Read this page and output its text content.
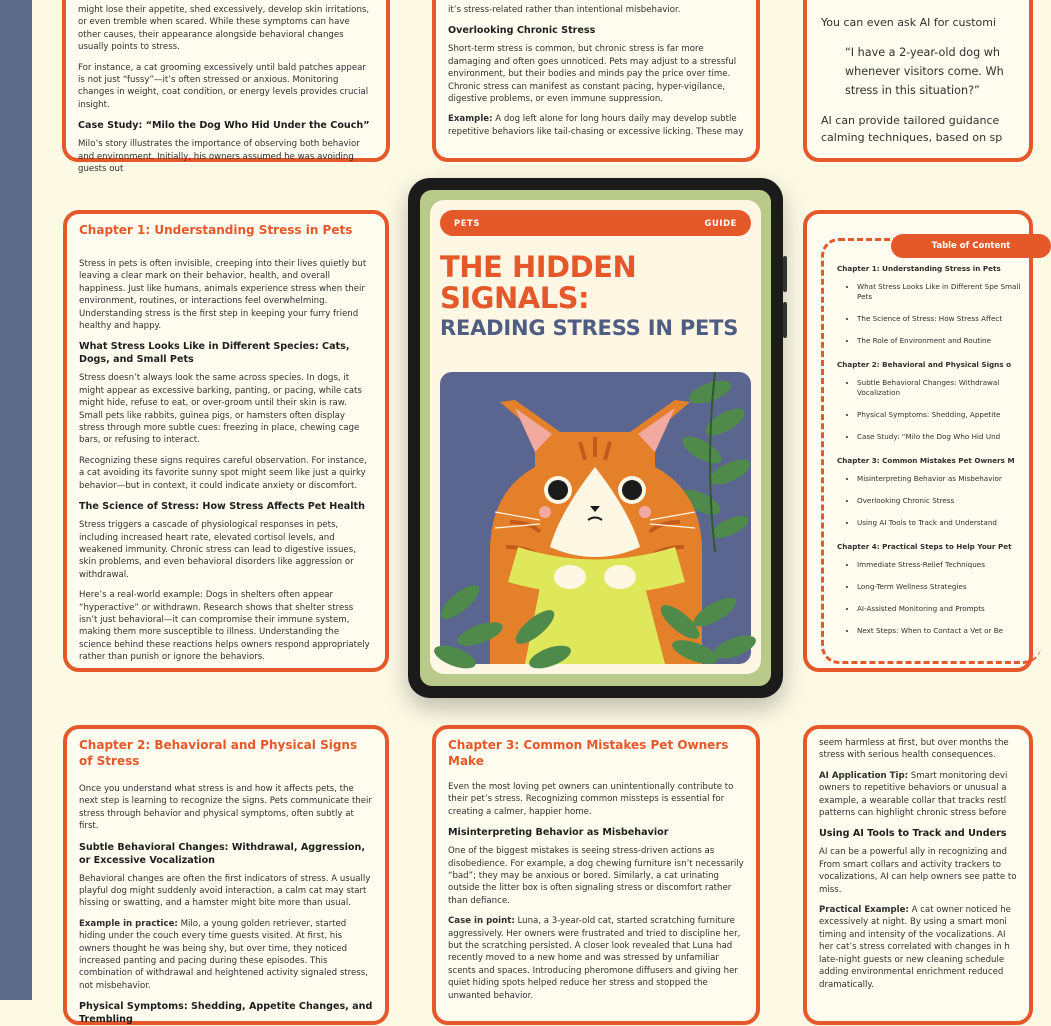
might lose their appetite, shed excessively, develop skin irritations, or even tremble when scared. While these symptoms can have other causes, their appearance alongside behavioral changes usually points to stress.

For instance, a cat grooming excessively until bald patches appear is not just “fussy”—it’s often stressed or anxious. Monitoring changes in weight, coat condition, or energy levels provides crucial insight.

Case Study: “Milo the Dog Who Hid Under the Couch”

Milo’s story illustrates the importance of observing both behavior and environment. Initially, his owners assumed he was avoiding guests out

it’s stress-related rather than intentional misbehavior.

Overlooking Chronic Stress

Short-term stress is common, but chronic stress is far more damaging and often goes unnoticed. Pets may adjust to a stressful environment, but their bodies and minds pay the price over time. Chronic stress can manifest as constant pacing, hyper-vigilance, digestive problems, or even immune suppression.

Example: A dog left alone for long hours daily may develop subtle repetitive behaviors like tail-chasing or excessive licking. These may

You can even ask AI for customi

“I have a 2-year-old dog wh whenever visitors come. Wh stress in this situation?”

AI can provide tailored guidance calming techniques, based on sp

Chapter 1: Understanding Stress in Pets

Stress in pets is often invisible, creeping into their lives quietly but leaving a clear mark on their behavior, health, and overall happiness. Just like humans, animals experience stress when their environment, routines, or interactions feel overwhelming. Understanding stress is the first step in keeping your furry friend healthy and happy.

What Stress Looks Like in Different Species: Cats, Dogs, and Small Pets

Stress doesn’t always look the same across species. In dogs, it might appear as excessive barking, panting, or pacing, while cats might hide, refuse to eat, or over-groom until their skin is raw. Small pets like rabbits, guinea pigs, or hamsters often display stress through more subtle cues: freezing in place, chewing cage bars, or refusing to interact.

Recognizing these signs requires careful observation. For instance, a cat avoiding its favorite sunny spot might seem like just a quirky behavior—but in context, it could indicate anxiety or discomfort.

The Science of Stress: How Stress Affects Pet Health

Stress triggers a cascade of physiological responses in pets, including increased heart rate, elevated cortisol levels, and weakened immunity. Chronic stress can lead to digestive issues, skin problems, and even behavioral disorders like aggression or withdrawal.

Here’s a real-world example: Dogs in shelters often appear “hyperactive” or withdrawn. Research shows that shelter stress isn’t just behavioral—it can compromise their immune system, making them more susceptible to illness. Understanding the science behind these reactions helps owners respond appropriately rather than punish or ignore the behaviors.

Table of Content
Chapter 1: Understanding Stress in Pets
• What Stress Looks Like in Different Spe Small Pets
• The Science of Stress: How Stress Affect
• The Role of Environment and Routine
Chapter 2: Behavioral and Physical Signs o
• Subtle Behavioral Changes: Withdrawal Vocalization
• Physical Symptoms: Shedding, Appetite
• Case Study: “Milo the Dog Who Hid Und
Chapter 3: Common Mistakes Pet Owners M
• Misinterpreting Behavior as Misbehavior
• Overlooking Chronic Stress
• Using AI Tools to Track and Understand
Chapter 4: Practical Steps to Help Your Pet
• Immediate Stress-Relief Techniques
• Long-Term Wellness Strategies
• AI-Assisted Monitoring and Prompts
• Next Steps: When to Contact a Vet or Be
Chapter 2: Behavioral and Physical Signs of Stress

Once you understand what stress is and how it affects pets, the next step is learning to recognize the signs. Pets communicate their stress through behavior and physical symptoms, often subtly at first.

Subtle Behavioral Changes: Withdrawal, Aggression, or Excessive Vocalization

Behavioral changes are often the first indicators of stress. A usually playful dog might suddenly avoid interaction, a calm cat may start hissing or swatting, and a hamster might bite more than usual.

Example in practice: Milo, a young golden retriever, started hiding under the couch every time guests visited. At first, his owners thought he was being shy, but over time, they noticed increased panting and pacing during these episodes. This combination of withdrawal and heightened activity signaled stress, not misbehavior.

Physical Symptoms: Shedding, Appetite Changes, and Trembling
Chapter 3: Common Mistakes Pet Owners Make

Even the most loving pet owners can unintentionally contribute to their pet’s stress. Recognizing common missteps is essential for creating a calmer, happier home.

Misinterpreting Behavior as Misbehavior

One of the biggest mistakes is seeing stress-driven actions as disobedience. For example, a dog chewing furniture isn’t necessarily “bad”; they may be anxious or bored. Similarly, a cat urinating outside the litter box is often signaling stress or discomfort rather than defiance.

Case in point: Luna, a 3-year-old cat, started scratching furniture aggressively. Her owners were frustrated and tried to discipline her, but the scratching persisted. A closer look revealed that Luna had recently moved to a new home and was stressed by unfamiliar scents and spaces. Introducing pheromone diffusers and giving her quiet hiding spots helped reduce her stress and stopped the unwanted behavior.

seem harmless at first, but over months the stress with serious health consequences.

AI Application Tip: Smart monitoring devi owners to repetitive behaviors or unusual a example, a wearable collar that tracks restl patterns can highlight chronic stress before

Using AI Tools to Track and Unders

AI can be a powerful ally in recognizing and From smart collars and activity trackers to vocalizations, AI can help owners see patte to miss.

Practical Example: A cat owner noticed he excessively at night. By using a smart moni timing and intensity of the vocalizations. AI her cat’s stress correlated with changes in h late-night guests or new cleaning schedule adding environmental enrichment reduced dramatically.

PETS	GUIDE
THE HIDDEN SIGNALS:
READING STRESS IN PETS
